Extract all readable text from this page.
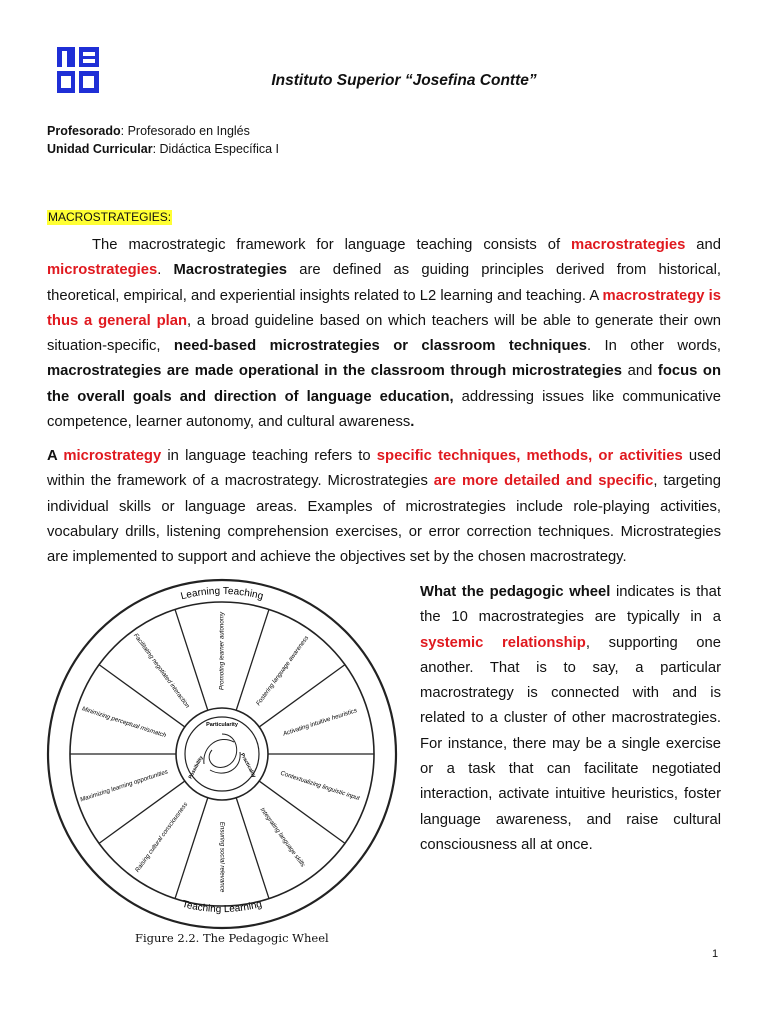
Instituto Superior “Josefina Contte”
Profesorado: Profesorado en Inglés
Unidad Curricular: Didáctica Específica I
MACROSTRATEGIES:

The macrostrategic framework for language teaching consists of macrostrategies and microstrategies. Macrostrategies are defined as guiding principles derived from historical, theoretical, empirical, and experiential insights related to L2 learning and teaching. A macrostrategy is thus a general plan, a broad guideline based on which teachers will be able to generate their own situation-specific, need-based microstrategies or classroom techniques. In other words, macrostrategies are made operational in the classroom through microstrategies and focus on the overall goals and direction of language education, addressing issues like communicative competence, learner autonomy, and cultural awareness.

A microstrategy in language teaching refers to specific techniques, methods, or activities used within the framework of a macrostrategy. Microstrategies are more detailed and specific, targeting individual skills or language areas. Examples of microstrategies include role-playing activities, vocabulary drills, listening comprehension exercises, or error correction techniques. Microstrategies are implemented to support and achieve the objectives set by the chosen macrostrategy.

What the pedagogic wheel indicates is that the 10 macrostrategies are typically in a systemic relationship, supporting one another. That is to say, a particular macrostrategy is connected with and is related to a cluster of other macrostrategies. For instance, there may be a single exercise or a task that can facilitate negotiated interaction, activate intuitive heuristics, foster language awareness, and raise cultural consciousness all at once.

Promoting learner autonomy	Fostering language awareness
Activating intuitive heuristics
Contextualizing linguistic input
Integrating language skills
Ensuring social relevance
Raising cultural consciousness
Maximizing learning opportunities
Minimizing perceptual mismatch
Facilitating negotiated interaction
Particularity
Practicality
Possibility
Learning Teaching
Teaching Learning
Figure 2.2. The Pedagogic Wheel
1
